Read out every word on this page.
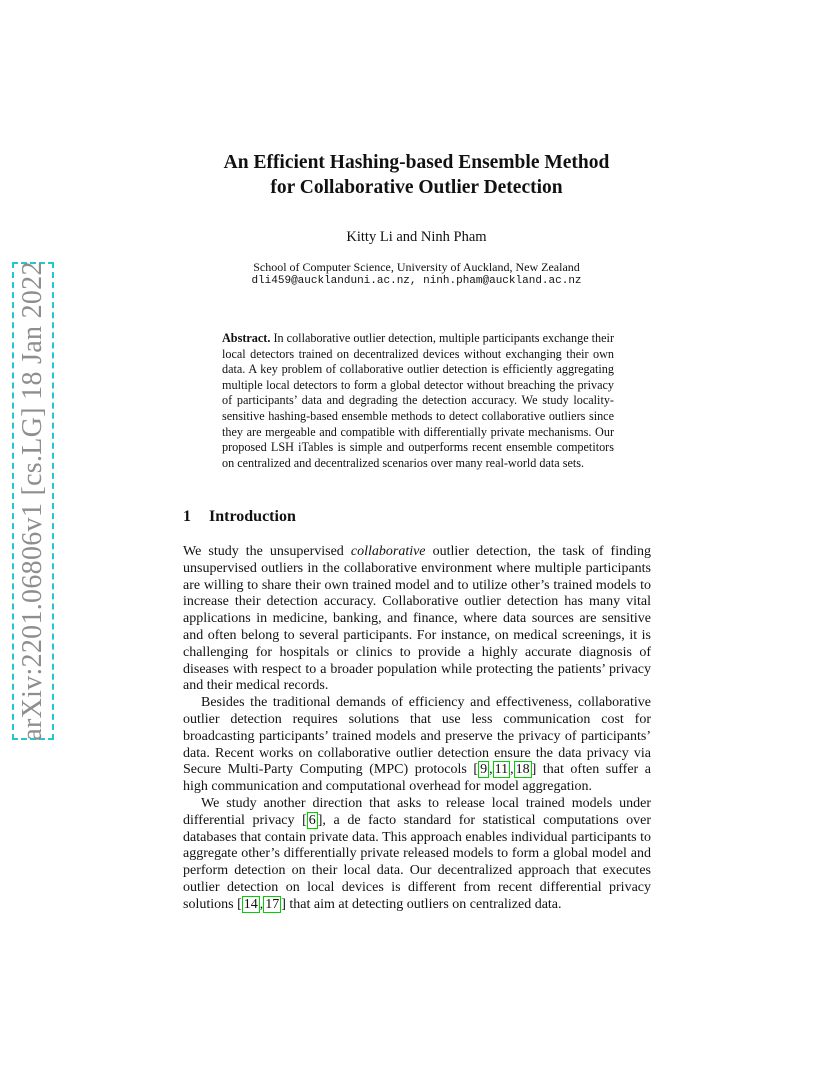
arXiv:2201.06806v1 [cs.LG] 18 Jan 2022
An Efficient Hashing-based Ensemble Method
for Collaborative Outlier Detection
Kitty Li and Ninh Pham
School of Computer Science, University of Auckland, New Zealand
dli459@aucklanduni.ac.nz, ninh.pham@auckland.ac.nz
Abstract. In collaborative outlier detection, multiple participants exchange their local detectors trained on decentralized devices without exchanging their own data. A key problem of collaborative outlier detection is efficiently aggregating multiple local detectors to form a global detector without breaching the privacy of participants’ data and degrading the detection accuracy. We study locality-sensitive hashing-based ensemble methods to detect collaborative outliers since they are mergeable and compatible with differentially private mechanisms. Our proposed LSH iTables is simple and outperforms recent ensemble competitors on centralized and decentralized scenarios over many real-world data sets.
1 Introduction

We study the unsupervised collaborative outlier detection, the task of finding unsupervised outliers in the collaborative environment where multiple participants are willing to share their own trained model and to utilize other’s trained models to increase their detection accuracy. Collaborative outlier detection has many vital applications in medicine, banking, and finance, where data sources are sensitive and often belong to several participants. For instance, on medical screenings, it is challenging for hospitals or clinics to provide a highly accurate diagnosis of diseases with respect to a broader population while protecting the patients’ privacy and their medical records.

Besides the traditional demands of efficiency and effectiveness, collaborative outlier detection requires solutions that use less communication cost for broadcasting participants’ trained models and preserve the privacy of participants’ data. Recent works on collaborative outlier detection ensure the data privacy via Secure Multi-Party Computing (MPC) protocols [ 9 , 11 , 18 ] that often suffer a high communication and computational overhead for model aggregation.

We study another direction that asks to release local trained models under differential privacy [ 6 ], a de facto standard for statistical computations over databases that contain private data. This approach enables individual participants to aggregate other’s differentially private released models to form a global model and perform detection on their local data. Our decentralized approach that executes outlier detection on local devices is different from recent differential privacy solutions [ 14 , 17 ] that aim at detecting outliers on centralized data.
